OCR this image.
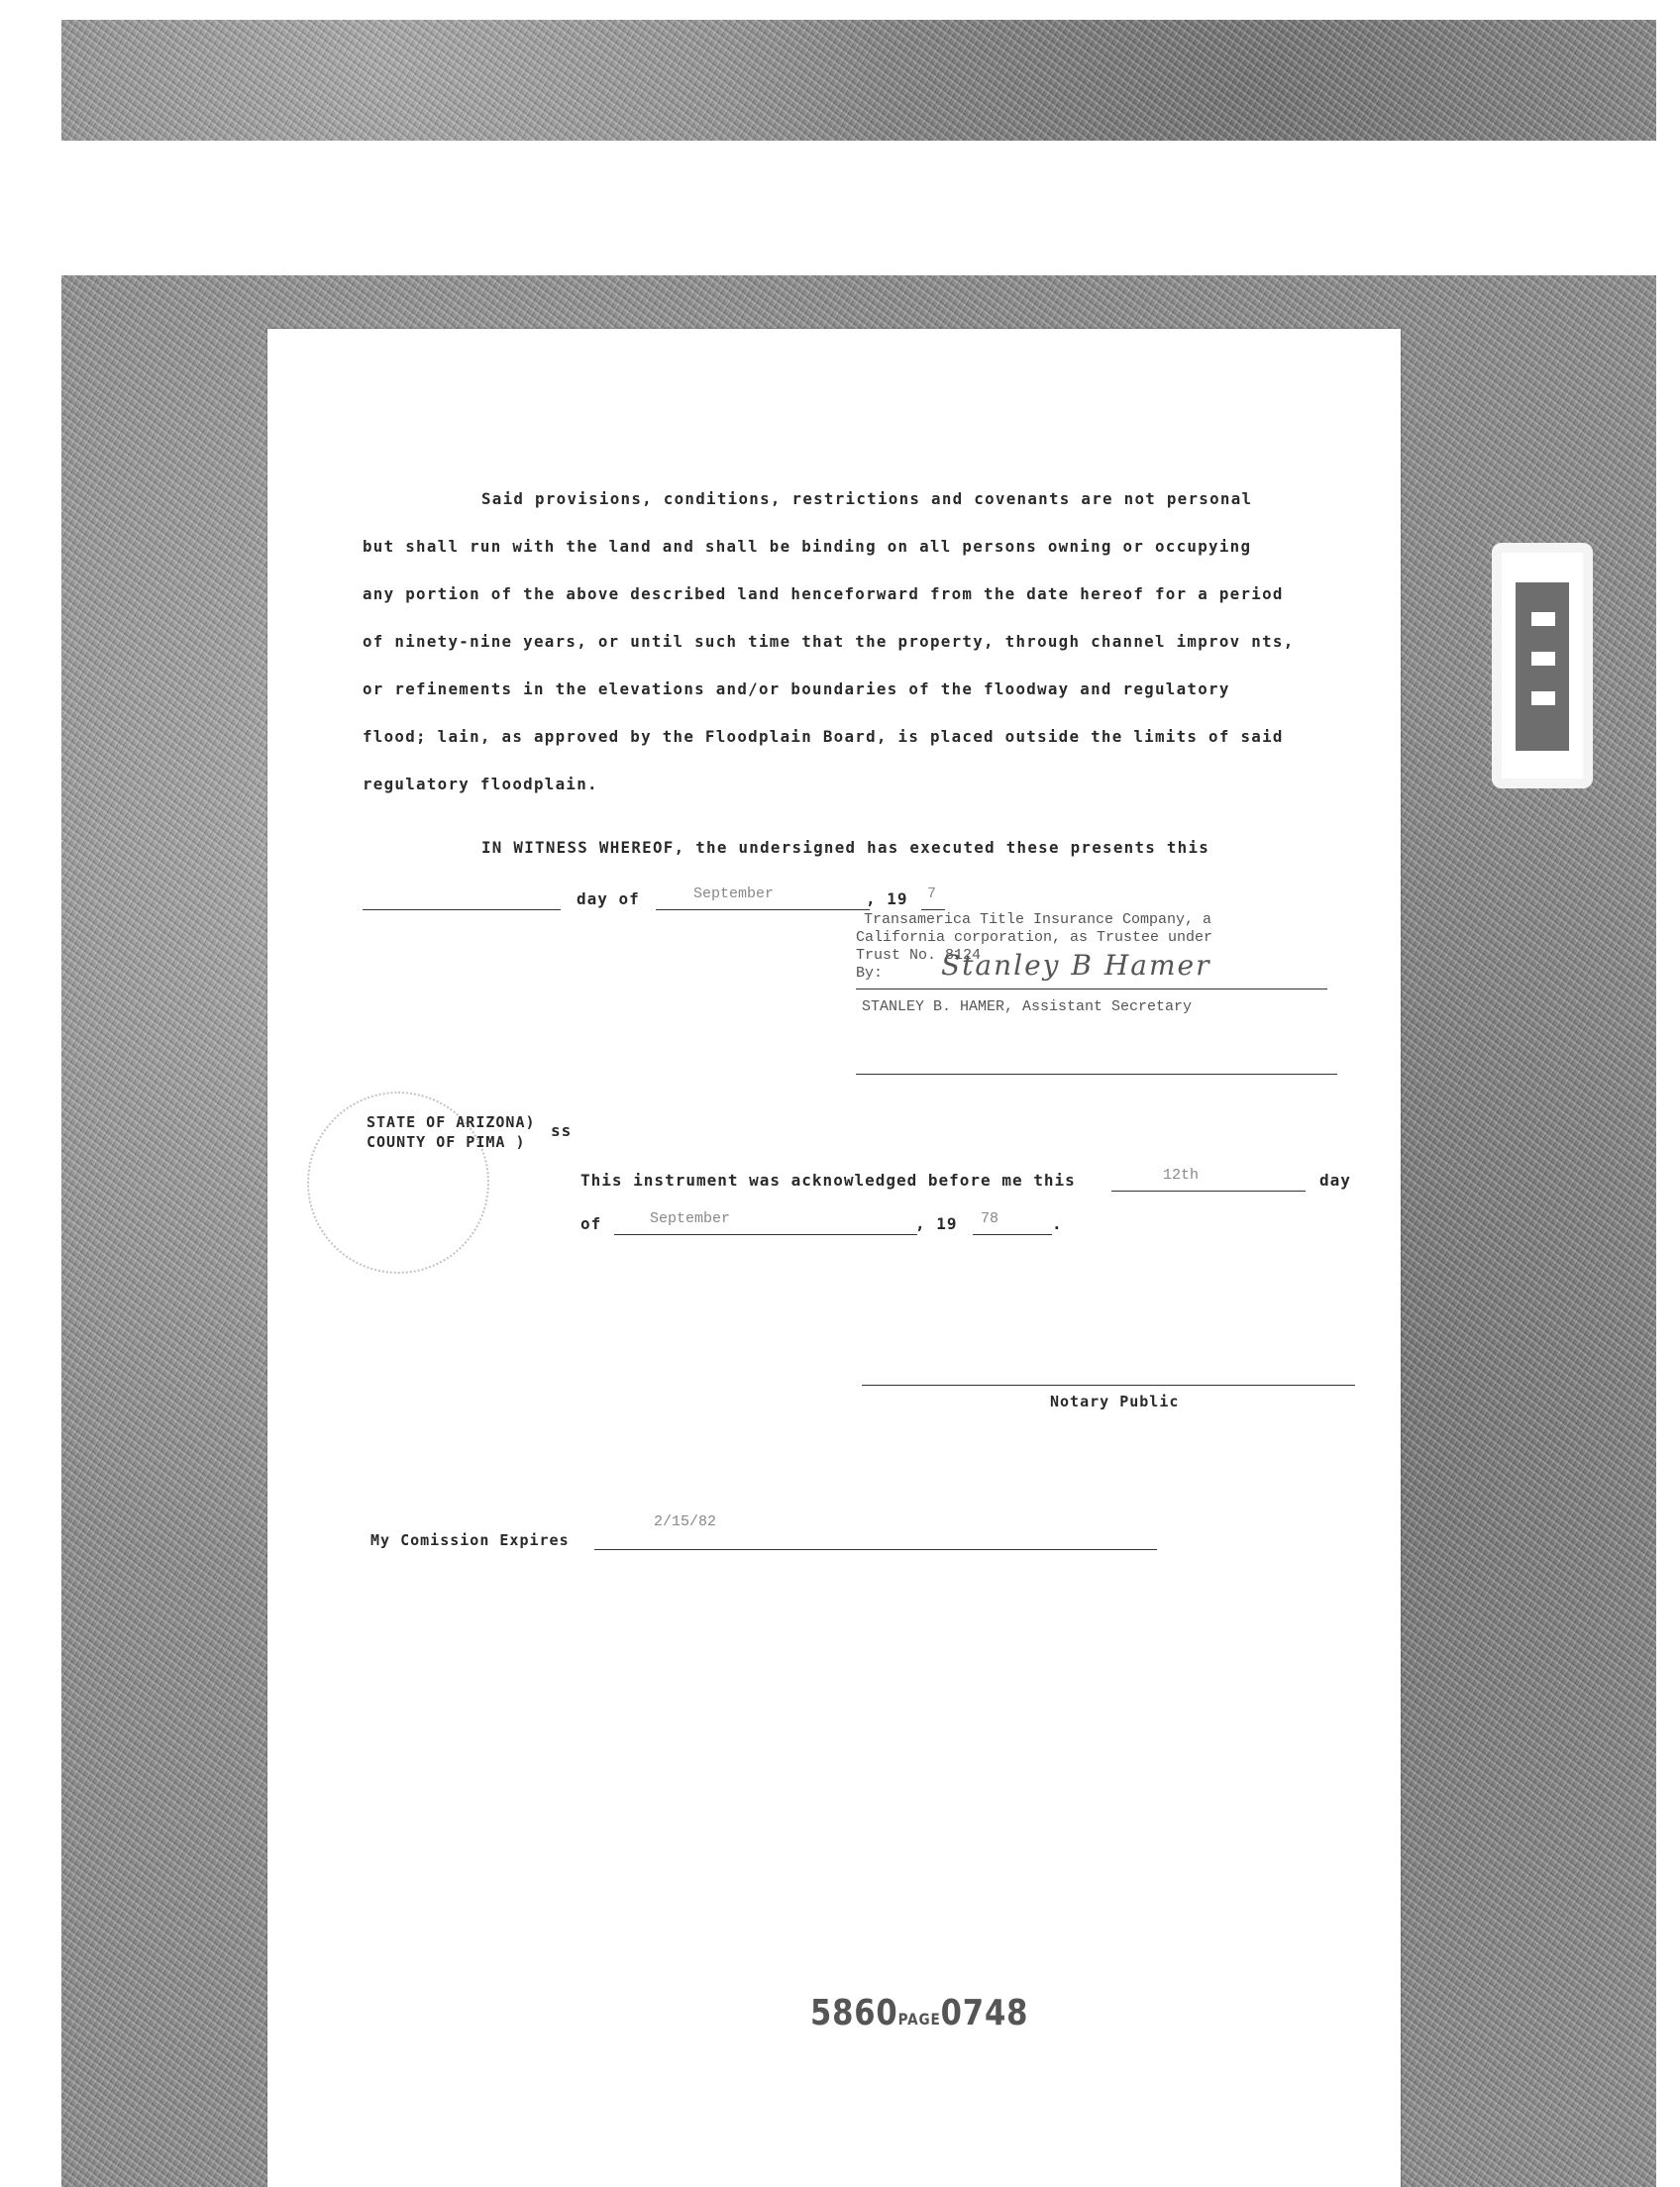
Said provisions, conditions, restrictions and covenants are not personal
but shall run with the land and shall be binding on all persons owning or occupying
any portion of the above described land henceforward from the date hereof for a period
of ninety-nine years, or until such time that the property, through channel improv nts,
or refinements in the elevations and/or boundaries of the floodway and regulatory
flood; lain, as approved by the Floodplain Board, is placed outside the limits of said
regulatory floodplain.
IN WITNESS WHEREOF, the undersigned has executed these presents this
day of	September	, 19 7
Transamerica Title Insurance Company, a
California corporation, as Trustee under
Trust No. 8124
By: Stanley B Hamer
STANLEY B. HAMER, Assistant Secretary
STATE OF ARIZONA)
COUNTY OF PIMA )
ss
This instrument was acknowledged before me this	12th	day
of	September	, 19 78	.
Notary Public
My Comission Expires
2/15/82
5860PAGE0748
